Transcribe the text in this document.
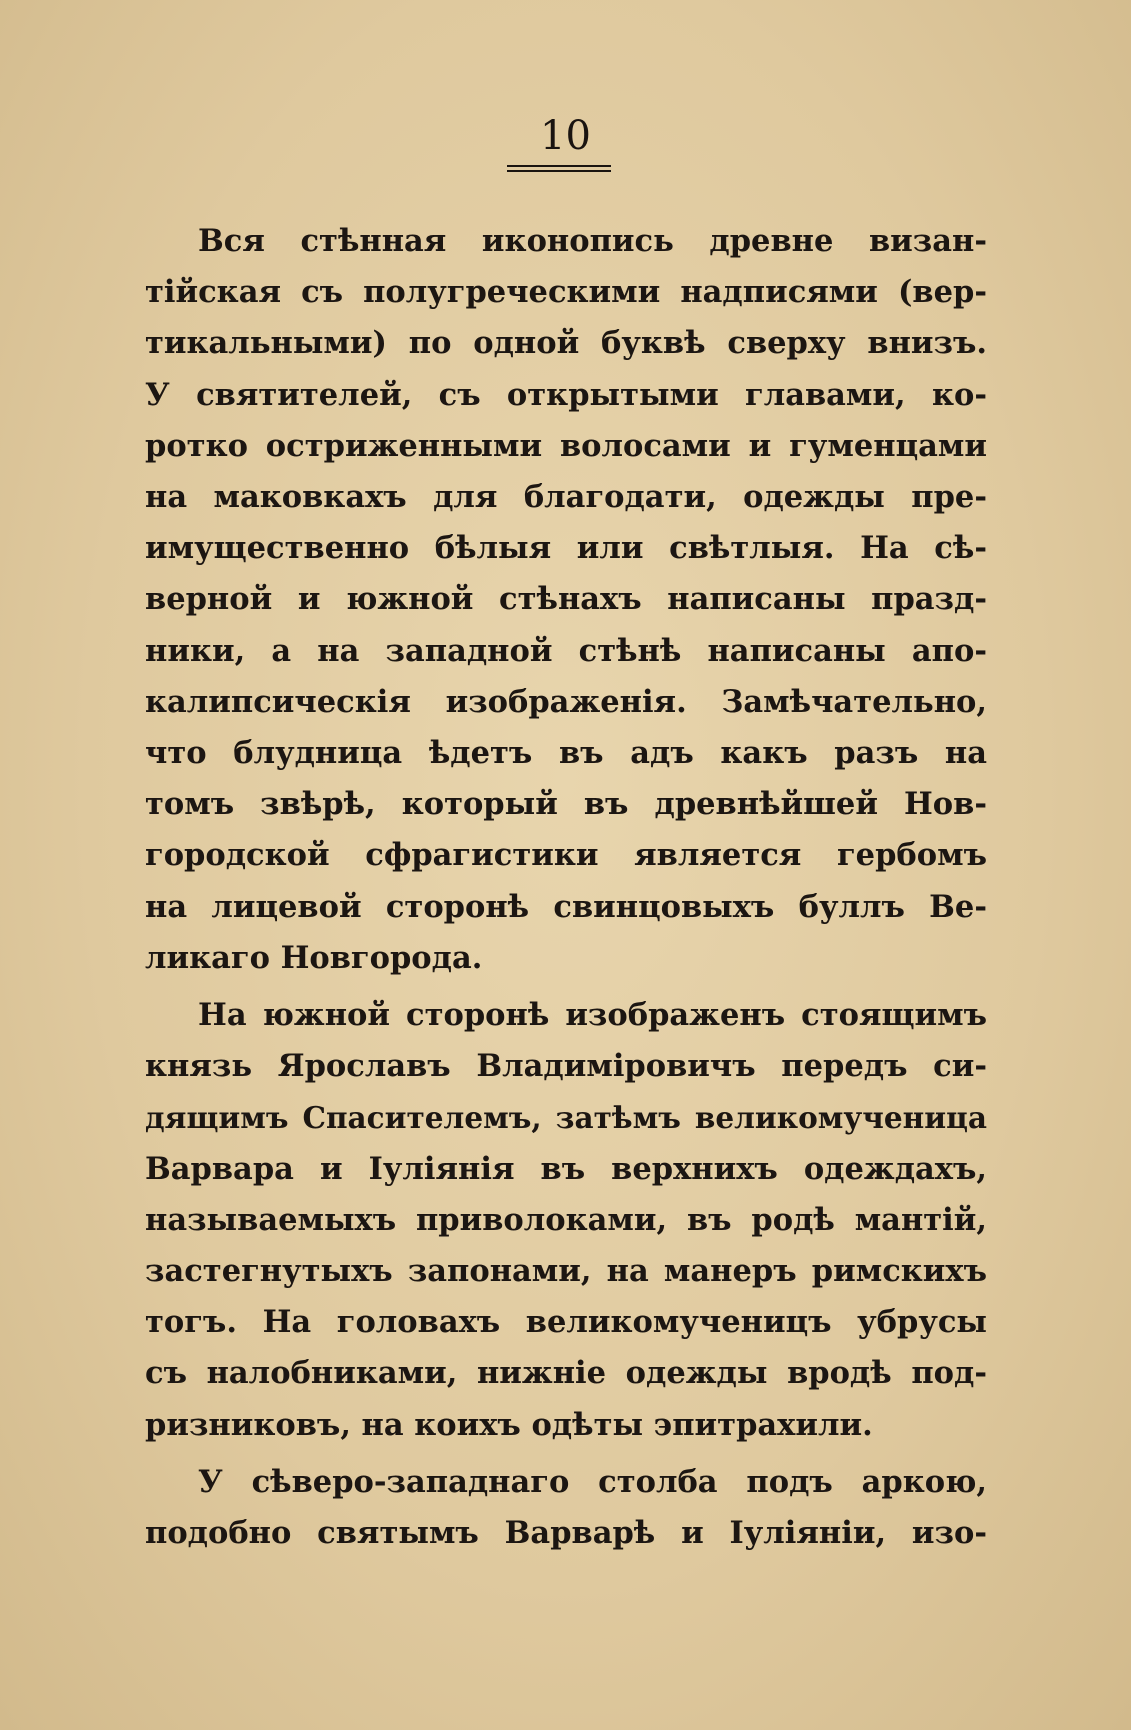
10
Вся стѣнная иконопись древне визан-
тійская съ полугреческими надписями (вер-
тикальными) по одной буквѣ сверху внизъ.
У святителей, съ открытыми главами, ко-
ротко остриженными волосами и гуменцами
на маковкахъ для благодати, одежды пре-
имущественно бѣлыя или свѣтлыя. На сѣ-
верной и южной стѣнахъ написаны празд-
ники, а на западной стѣнѣ написаны апо-
калипсическія изображенія. Замѣчательно,
что блудница ѣдетъ въ адъ какъ разъ на
томъ звѣрѣ, который въ древнѣйшей Нов-
городской сфрагистики является гербомъ
на лицевой сторонѣ свинцовыхъ буллъ Ве-
ликаго Новгорода.
На южной сторонѣ изображенъ стоящимъ
князь Ярославъ Владиміровичъ передъ си-
дящимъ Спасителемъ, затѣмъ великомученица
Варвара и Іуліянія въ верхнихъ одеждахъ,
называемыхъ приволоками, въ родѣ мантій,
застегнутыхъ запонами, на манеръ римскихъ
тогъ. На головахъ великомученицъ убрусы
съ налобниками, нижніе одежды вродѣ под-
ризниковъ, на коихъ одѣты эпитрахили.
У сѣверо-западнаго столба подъ аркою,
подобно святымъ Варварѣ и Іуліяніи, изо-
